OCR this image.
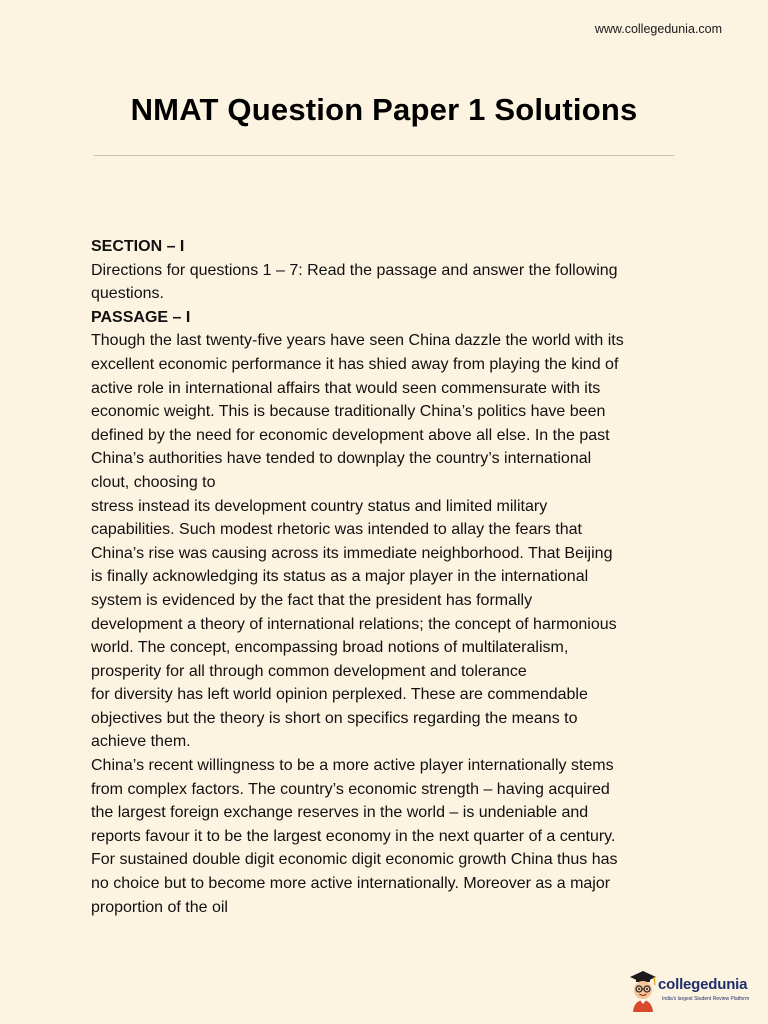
www.collegedunia.com
NMAT Question Paper 1 Solutions
SECTION – I
Directions for questions 1 – 7: Read the passage and answer the following
questions.
PASSAGE – I
Though the last twenty-five years have seen China dazzle the world with its
excellent economic performance it has shied away from playing the kind of
active role in international affairs that would seen commensurate with its
economic weight. This is because traditionally China’s politics have been
defined by the need for economic development above all else. In the past
China’s authorities have tended to downplay the country’s international
clout, choosing to
stress instead its development country status and limited military
capabilities. Such modest rhetoric was intended to allay the fears that
China’s rise was causing across its immediate neighborhood. That Beijing
is finally acknowledging its status as a major player in the international
system is evidenced by the fact that the president has formally
development a theory of international relations; the concept of harmonious
world. The concept, encompassing broad notions of multilateralism,
prosperity for all through common development and tolerance
for diversity has left world opinion perplexed. These are commendable
objectives but the theory is short on specifics regarding the means to
achieve them.
China’s recent willingness to be a more active player internationally stems
from complex factors. The country’s economic strength – having acquired
the largest foreign exchange reserves in the world – is undeniable and
reports favour it to be the largest economy in the next quarter of a century.
For sustained double digit economic digit economic growth China thus has
no choice but to become more active internationally. Moreover as a major
proportion of the oil
collegedunia
India's largest Student Review Platform
